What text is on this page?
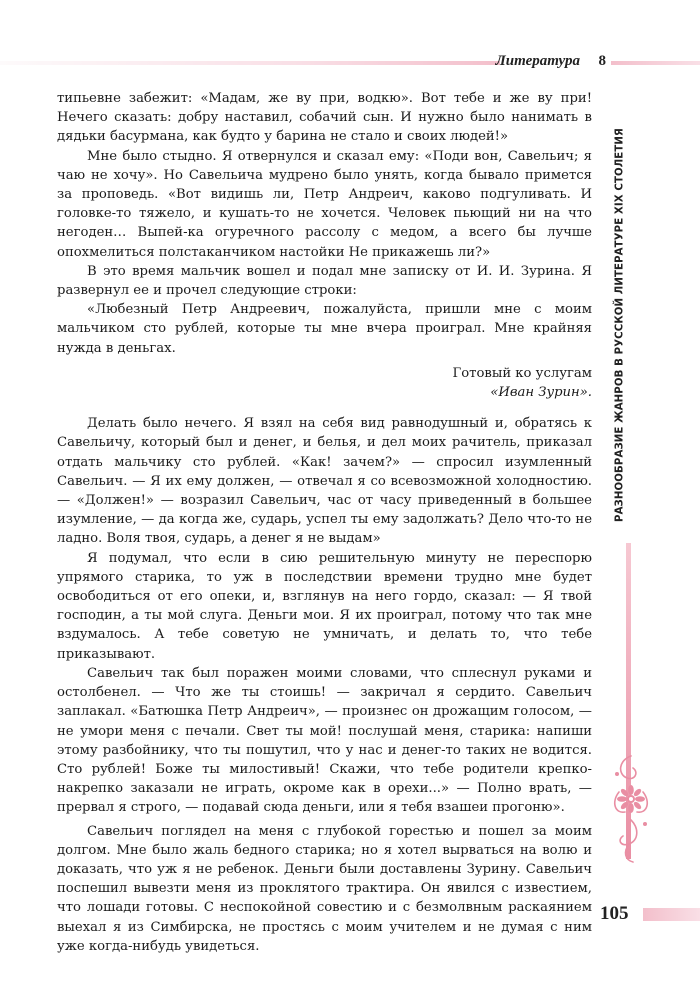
Литература 8

типьевне забежит: «Мадам, же ву при, водкю». Вот тебе и же ву при! Нечего сказать: добру наставил, собачий сын. И нужно было нанимать в дядьки басурмана, как будто у барина не стало и своих людей!»

Мне было стыдно. Я отвернулся и сказал ему: «Поди вон, Савельич; я чаю не хочу». Но Савельича мудрено было унять, когда бывало примется за проповедь. «Вот видишь ли, Петр Андреич, каково подгуливать. И головке-то тяжело, и кушать-то не хочется. Человек пьющий ни на что негоден… Выпей-ка огуречного рассолу с медом, а всего бы лучше опохмелиться полстаканчиком настойки Не прикажешь ли?»

В это время мальчик вошел и подал мне записку от И. И. Зурина. Я развернул ее и прочел следующие строки:

«Любезный Петр Андреевич, пожалуйста, пришли мне с моим мальчиком сто рублей, которые ты мне вчера проиграл. Мне крайняя нужда в деньгах.

Готовый ко услугам
«Иван Зурин».

Делать было нечего. Я взял на себя вид равнодушный и, обратясь к Савельичу, который был и денег, и белья, и дел моих рачитель, приказал отдать мальчику сто рублей. «Как! зачем?» — спросил изумленный Савельич. — Я их ему должен, — отвечал я со всевозможной холодностию. — «Должен!» — возразил Савельич, час от часу приведенный в большее изумление, — да когда же, сударь, успел ты ему задолжать? Дело что-то не ладно. Воля твоя, сударь, а денег я не выдам»

Я подумал, что если в сию решительную минуту не переспорю упрямого старика, то уж в последствии времени трудно мне будет освободиться от его опеки, и, взглянув на него гордо, сказал: — Я твой господин, а ты мой слуга. Деньги мои. Я их проиграл, потому что так мне вздумалось. А тебе советую не умничать, и делать то, что тебе приказывают.

Савельич так был поражен моими словами, что сплеснул руками и остолбенел. — Что же ты стоишь! — закричал я сердито. Савельич заплакал. «Батюшка Петр Андреич», — произнес он дрожащим голосом, — не умори меня с печали. Свет ты мой! послушай меня, старика: напиши этому разбойнику, что ты пошутил, что у нас и денег-то таких не водится. Сто рублей! Боже ты милостивый! Скажи, что тебе родители крепко-накрепко заказали не играть, окроме как в орехи...» — Полно врать, — прервал я строго, — подавай сюда деньги, или я тебя взашеи прогоню».

Савельич поглядел на меня с глубокой горестью и пошел за моим долгом. Мне было жаль бедного старика; но я хотел вырваться на волю и доказать, что уж я не ребенок. Деньги были доставлены Зурину. Савельич поспешил вывезти меня из проклятого трактира. Он явился с известием, что лошади готовы. С неспокойной совестию и с безмолвным раскаянием выехал я из Симбирска, не простясь с моим учителем и не думая с ним уже когда-нибудь увидеться.

РАЗНООБРАЗИЕ ЖАНРОВ В РУССКОЙ ЛИТЕРАТУРЕ XIX СТОЛЕТИЯ
105
